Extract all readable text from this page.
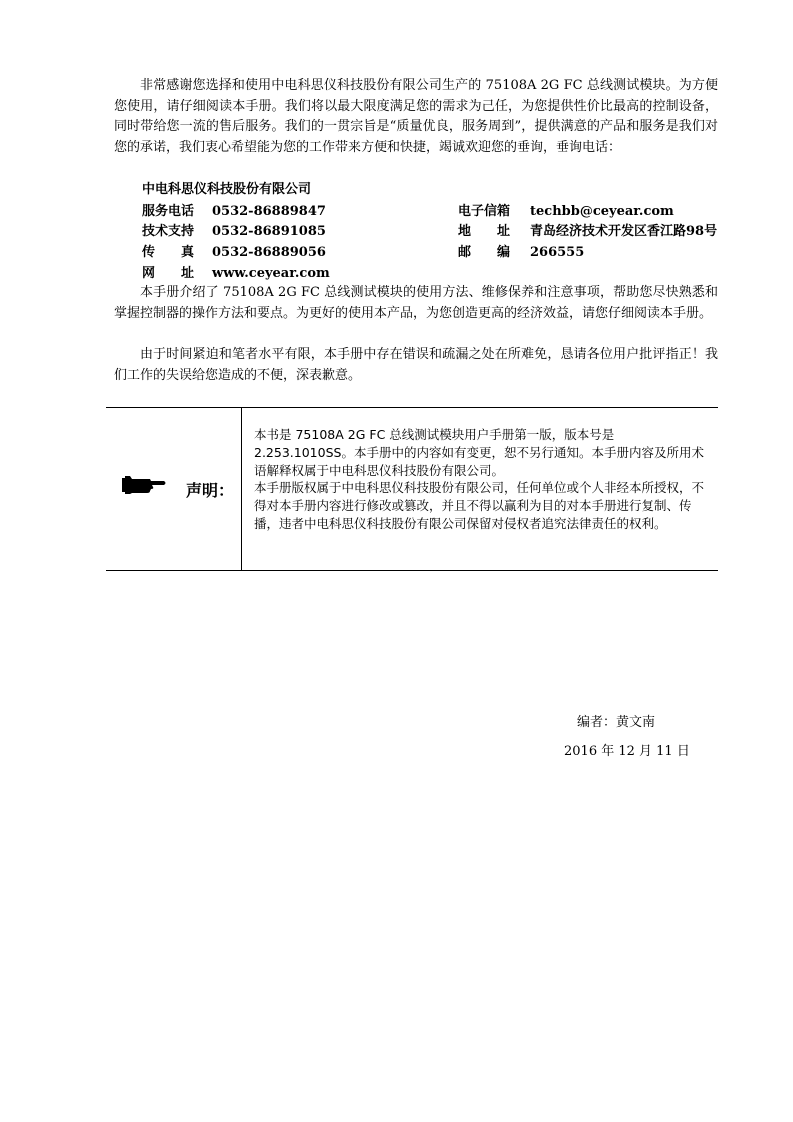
非常感谢您选择和使用中电科思仪科技股份有限公司生产的 75108A 2G FC 总线测试模块。为方便您使用，请仔细阅读本手册。我们将以最大限度满足您的需求为己任，为您提供性价比最高的控制设备，同时带给您一流的售后服务。我们的一贯宗旨是“质量优良，服务周到”，提供满意的产品和服务是我们对您的承诺，我们衷心希望能为您的工作带来方便和快捷，竭诚欢迎您的垂询，垂询电话：

中电科思仪科技股份有限公司
服务电话 0532-86889847	电子信箱 techbb@ceyear.com
技术支持 0532-86891085	地　　址 青岛经济技术开发区香江路98号
传　　真 0532-86889056	邮　　编 266555
网　　址 www.ceyear.com

本手册介绍了 75108A 2G FC 总线测试模块的使用方法、维修保养和注意事项，帮助您尽快熟悉和掌握控制器的操作方法和要点。为更好的使用本产品，为您创造更高的经济效益，请您仔细阅读本手册。

由于时间紧迫和笔者水平有限，本手册中存在错误和疏漏之处在所难免，恳请各位用户批评指正！我们工作的失误给您造成的不便，深表歉意。

声明：

本书是 75108A 2G FC 总线测试模块用户手册第一版，版本号是 2.253.1010SS。本手册中的内容如有变更，恕不另行通知。本手册内容及所用术语解释权属于中电科思仪科技股份有限公司。

本手册版权属于中电科思仪科技股份有限公司，任何单位或个人非经本所授权，不得对本手册内容进行修改或篡改，并且不得以赢利为目的对本手册进行复制、传播，违者中电科思仪科技股份有限公司保留对侵权者追究法律责任的权利。

编者：黄文南
2016 年 12 月 11 日
